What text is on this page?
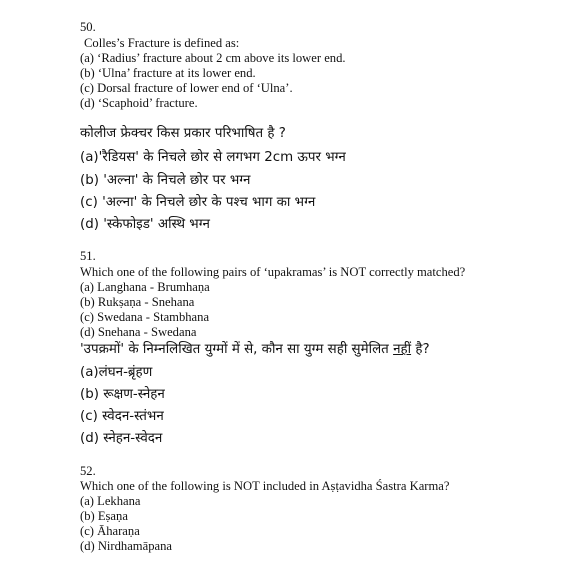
50.
Colles’s Fracture is defined as:
(a) ‘Radius’ fracture about 2 cm above its lower end.
(b) ‘Ulna’ fracture at its lower end.
(c) Dorsal fracture of lower end of ‘Ulna’.
(d) ‘Scaphoid’ fracture.
कोलीज फ्रेक्चर किस प्रकार परिभाषित है ?
(a)'रैडियस' के निचले छोर से लगभग 2cm ऊपर भग्न
(b) 'अल्ना' के निचले छोर पर भग्न
(c) 'अल्ना' के निचले छोर के पश्च भाग का भग्न
(d) 'स्केफोइड' अस्थि भग्न
51.
Which one of the following pairs of ‘upakramas’ is NOT correctly matched?
(a) Langhana - Brumhaṇa
(b) Rukṣaṇa - Snehana
(c) Swedana - Stambhana
(d) Snehana - Swedana
'उपक्रमों' के निम्नलिखित युग्मों में से, कौन सा युग्म सही सुमेलित नहीं है?
(a)लंघन-ब्रृंहण
(b) रूक्षण-स्नेहन
(c) स्वेदन-स्तंभन
(d) स्नेहन-स्वेदन
52.
Which one of the following is NOT included in Aṣṭavidha Śastra Karma?
(a) Lekhana
(b) Eṣaṇa
(c) Āharaṇa
(d) Nirdhamāpana
